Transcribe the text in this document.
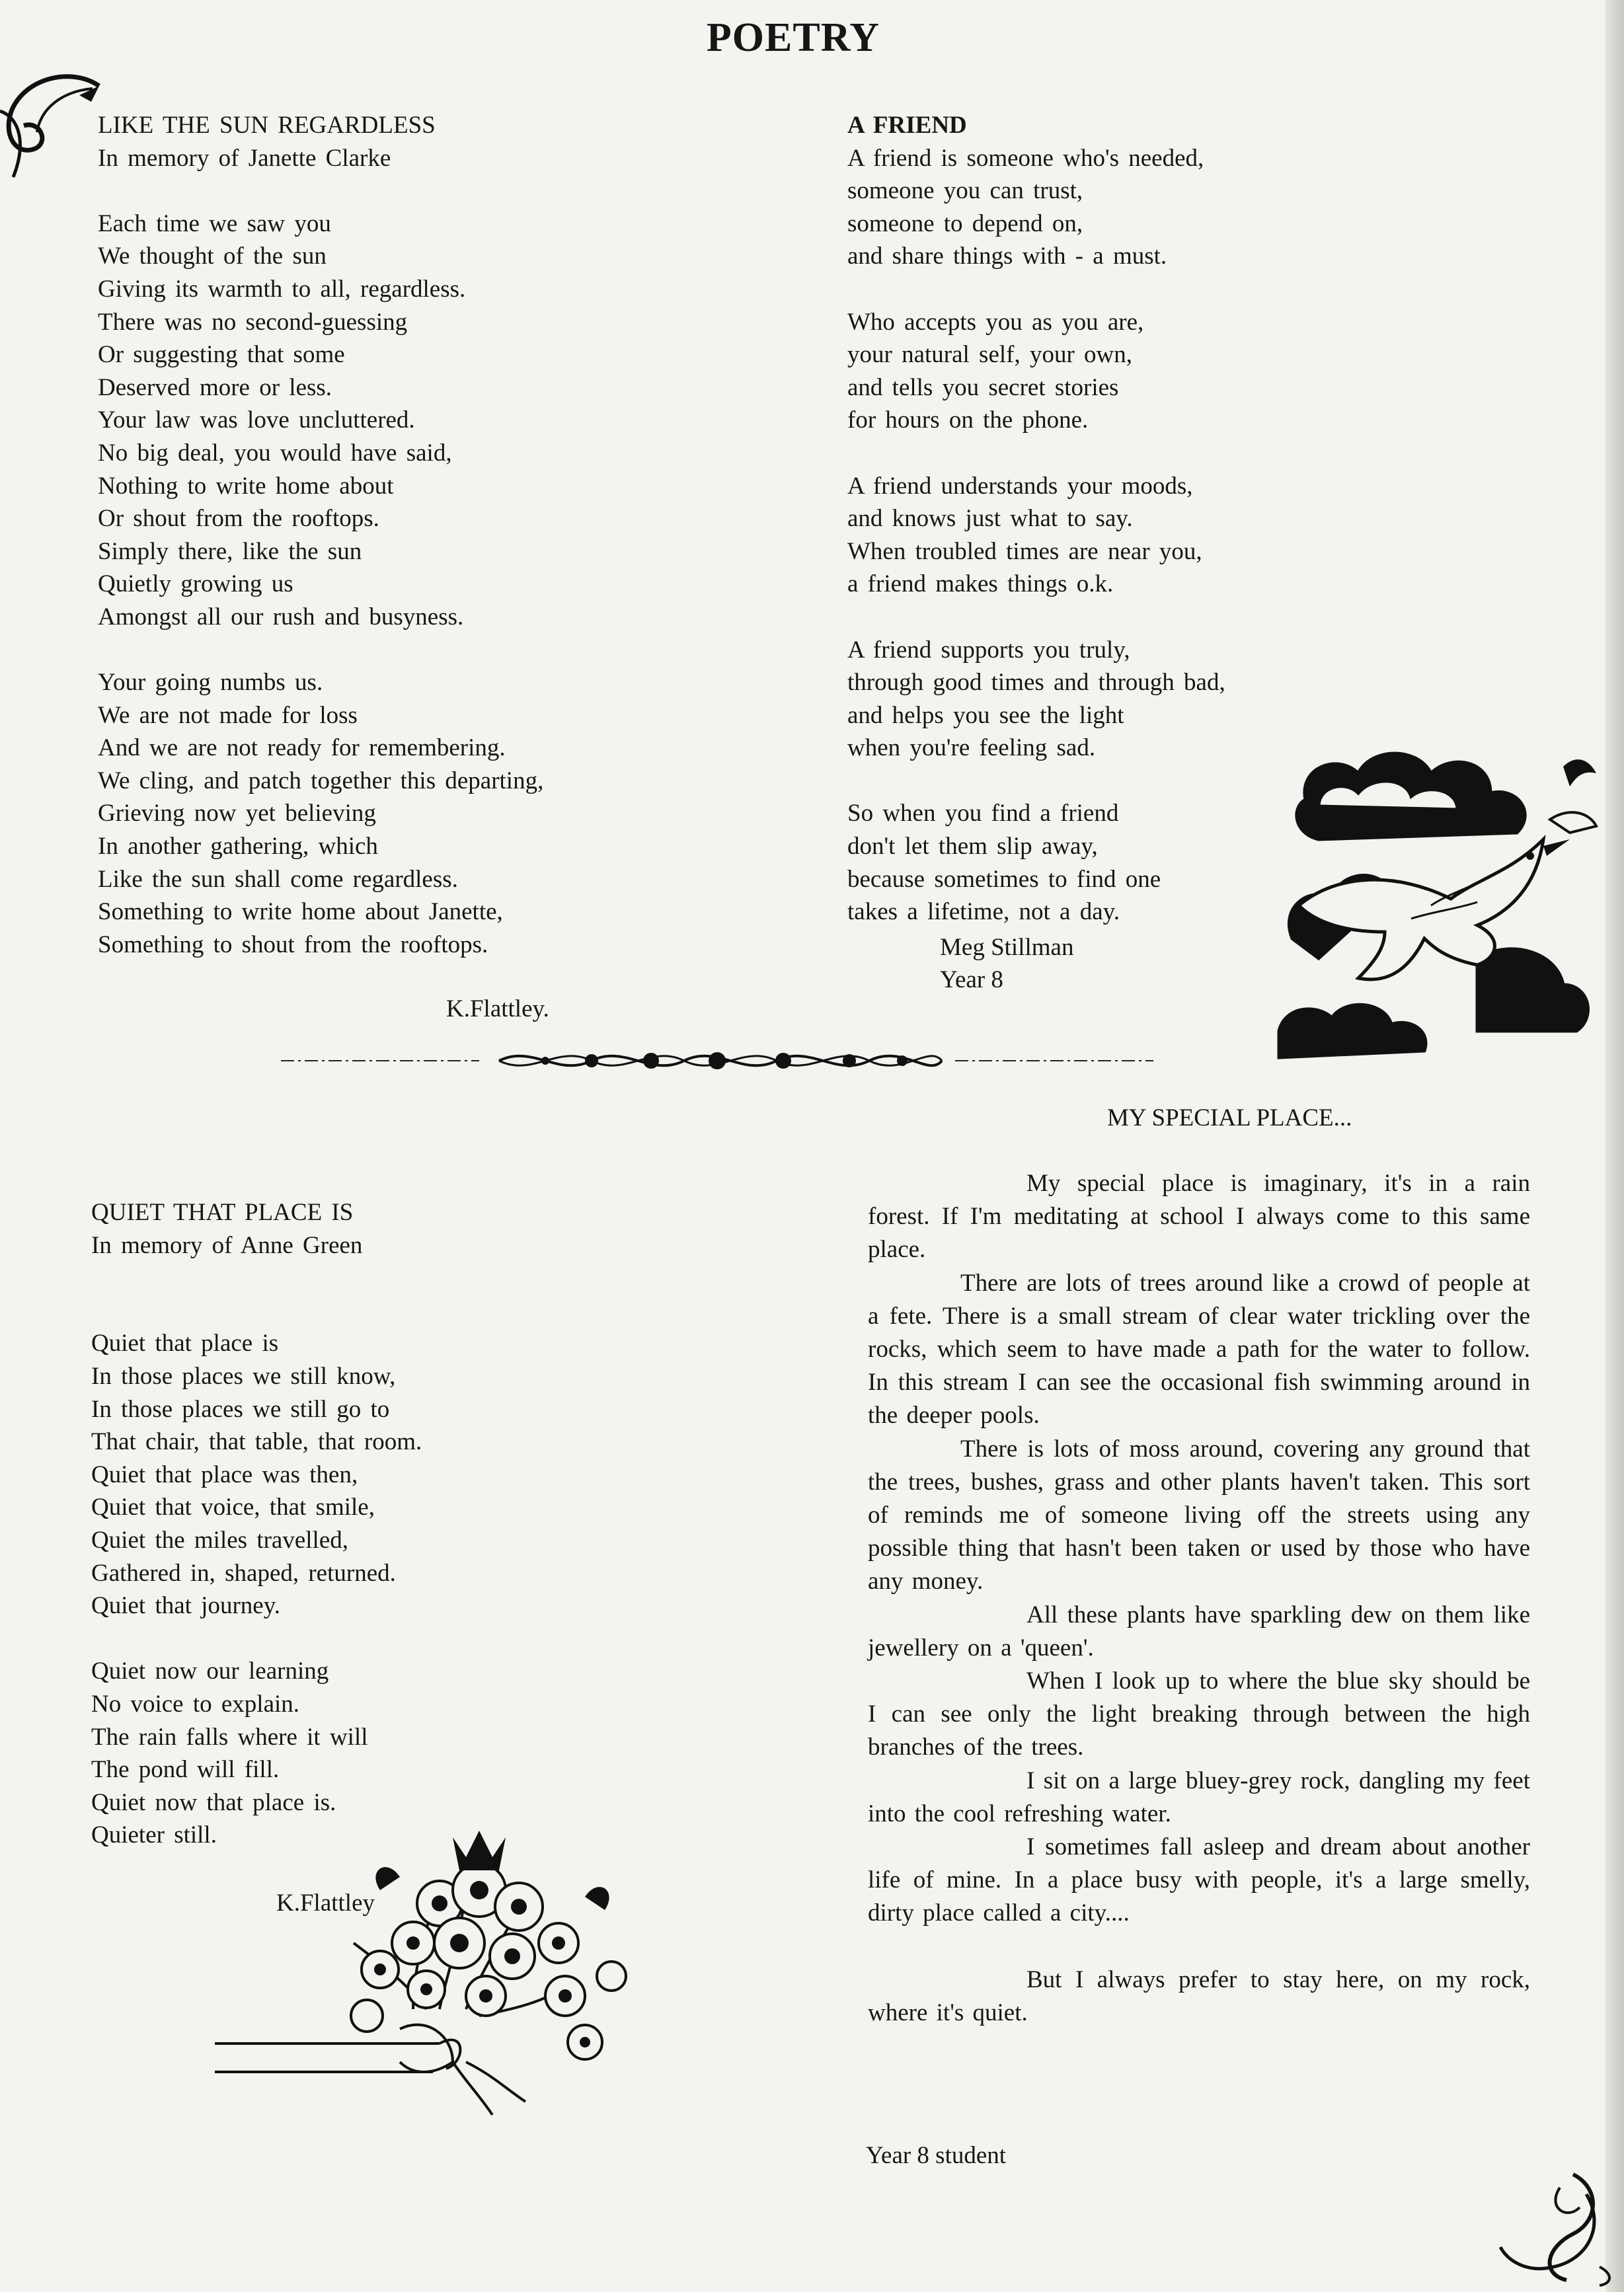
POETRY
LIKE THE SUN REGARDLESS
In memory of Janette Clarke
Each time we saw you
We thought of the sun
Giving its warmth to all, regardless.
There was no second-guessing
Or suggesting that some
Deserved more or less.
Your law was love uncluttered.
No big deal, you would have said,
Nothing to write home about
Or shout from the rooftops.
Simply there, like the sun
Quietly growing us
Amongst all our rush and busyness.
Your going numbs us.
We are not made for loss
And we are not ready for remembering.
We cling, and patch together this departing,
Grieving now yet believing
In another gathering, which
Like the sun shall come regardless.
Something to write home about Janette,
Something to shout from the rooftops.
K.Flattley.
A FRIEND
A friend is someone who's needed,
someone you can trust,
someone to depend on,
and share things with - a must.
Who accepts you as you are,
your natural self, your own,
and tells you secret stories
for hours on the phone.
A friend understands your moods,
and knows just what to say.
When troubled times are near you,
a friend makes things o.k.
A friend supports you truly,
through good times and through bad,
and helps you see the light
when you're feeling sad.
So when you find a friend
don't let them slip away,
because sometimes to find one
takes a lifetime, not a day.
Meg Stillman
Year 8
QUIET THAT PLACE IS
In memory of Anne Green
Quiet that place is
In those places we still know,
In those places we still go to
That chair, that table, that room.
Quiet that place was then,
Quiet that voice, that smile,
Quiet the miles travelled,
Gathered in, shaped, returned.
Quiet that journey.
Quiet now our learning
No voice to explain.
The rain falls where it will
The pond will fill.
Quiet now that place is.
Quieter still.
K.Flattley
MY SPECIAL PLACE...

My special place is imaginary, it's in a rain forest. If I'm meditating at school I always come to this same place.

There are lots of trees around like a crowd of people at a fete. There is a small stream of clear water trickling over the rocks, which seem to have made a path for the water to follow. In this stream I can see the occasional fish swimming around in the deeper pools.

There is lots of moss around, covering any ground that the trees, bushes, grass and other plants haven't taken. This sort of reminds me of someone living off the streets using any possible thing that hasn't been taken or used by those who have any money.

All these plants have sparkling dew on them like jewellery on a 'queen'.

When I look up to where the blue sky should be I can see only the light breaking through between the high branches of the trees.

I sit on a large bluey-grey rock, dangling my feet into the cool refreshing water.

I sometimes fall asleep and dream about another life of mine. In a place busy with people, it's a large smelly, dirty place called a city....

But I always prefer to stay here, on my rock, where it's quiet.

Year 8 student
